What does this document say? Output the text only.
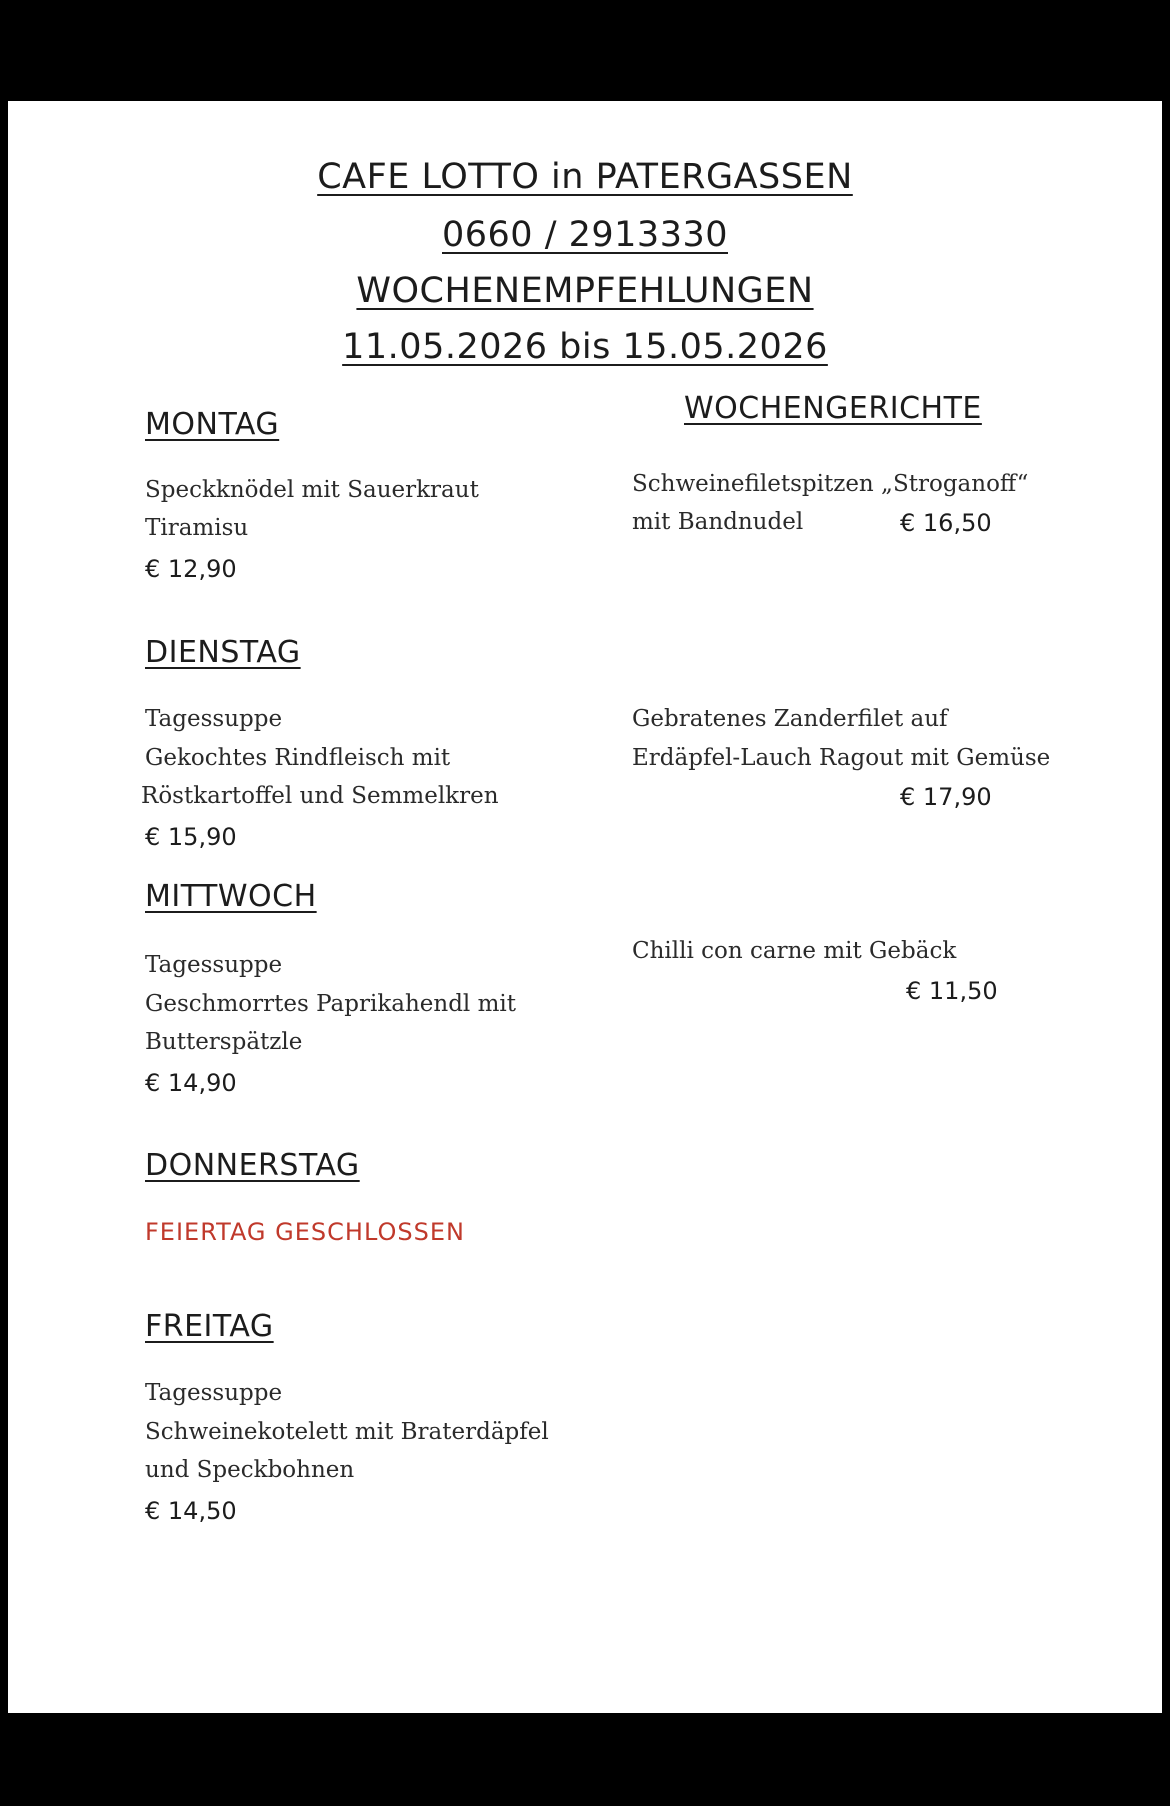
CAFE LOTTO in PATERGASSEN
0660 / 2913330
WOCHENEMPFEHLUNGEN
11.05.2026 bis 15.05.2026
MONTAG
Speckknödel mit Sauerkraut
Tiramisu
€ 12,90
DIENSTAG
Tagessuppe
Gekochtes Rindfleisch mit
Röstkartoffel und Semmelkren
€ 15,90
MITTWOCH
Tagessuppe
Geschmorrtes Paprikahendl mit
Butterspätzle
€ 14,90
DONNERSTAG
FEIERTAG GESCHLOSSEN
FREITAG
Tagessuppe
Schweinekotelett mit Braterdäpfel
und Speckbohnen
€ 14,50
WOCHENGERICHTE
Schweinefiletspitzen „Stroganoff“
mit Bandnudel	€ 16,50
Gebratenes Zanderfilet auf
Erdäpfel-Lauch Ragout mit Gemüse
€ 17,90
Chilli con carne mit Gebäck
€ 11,50
